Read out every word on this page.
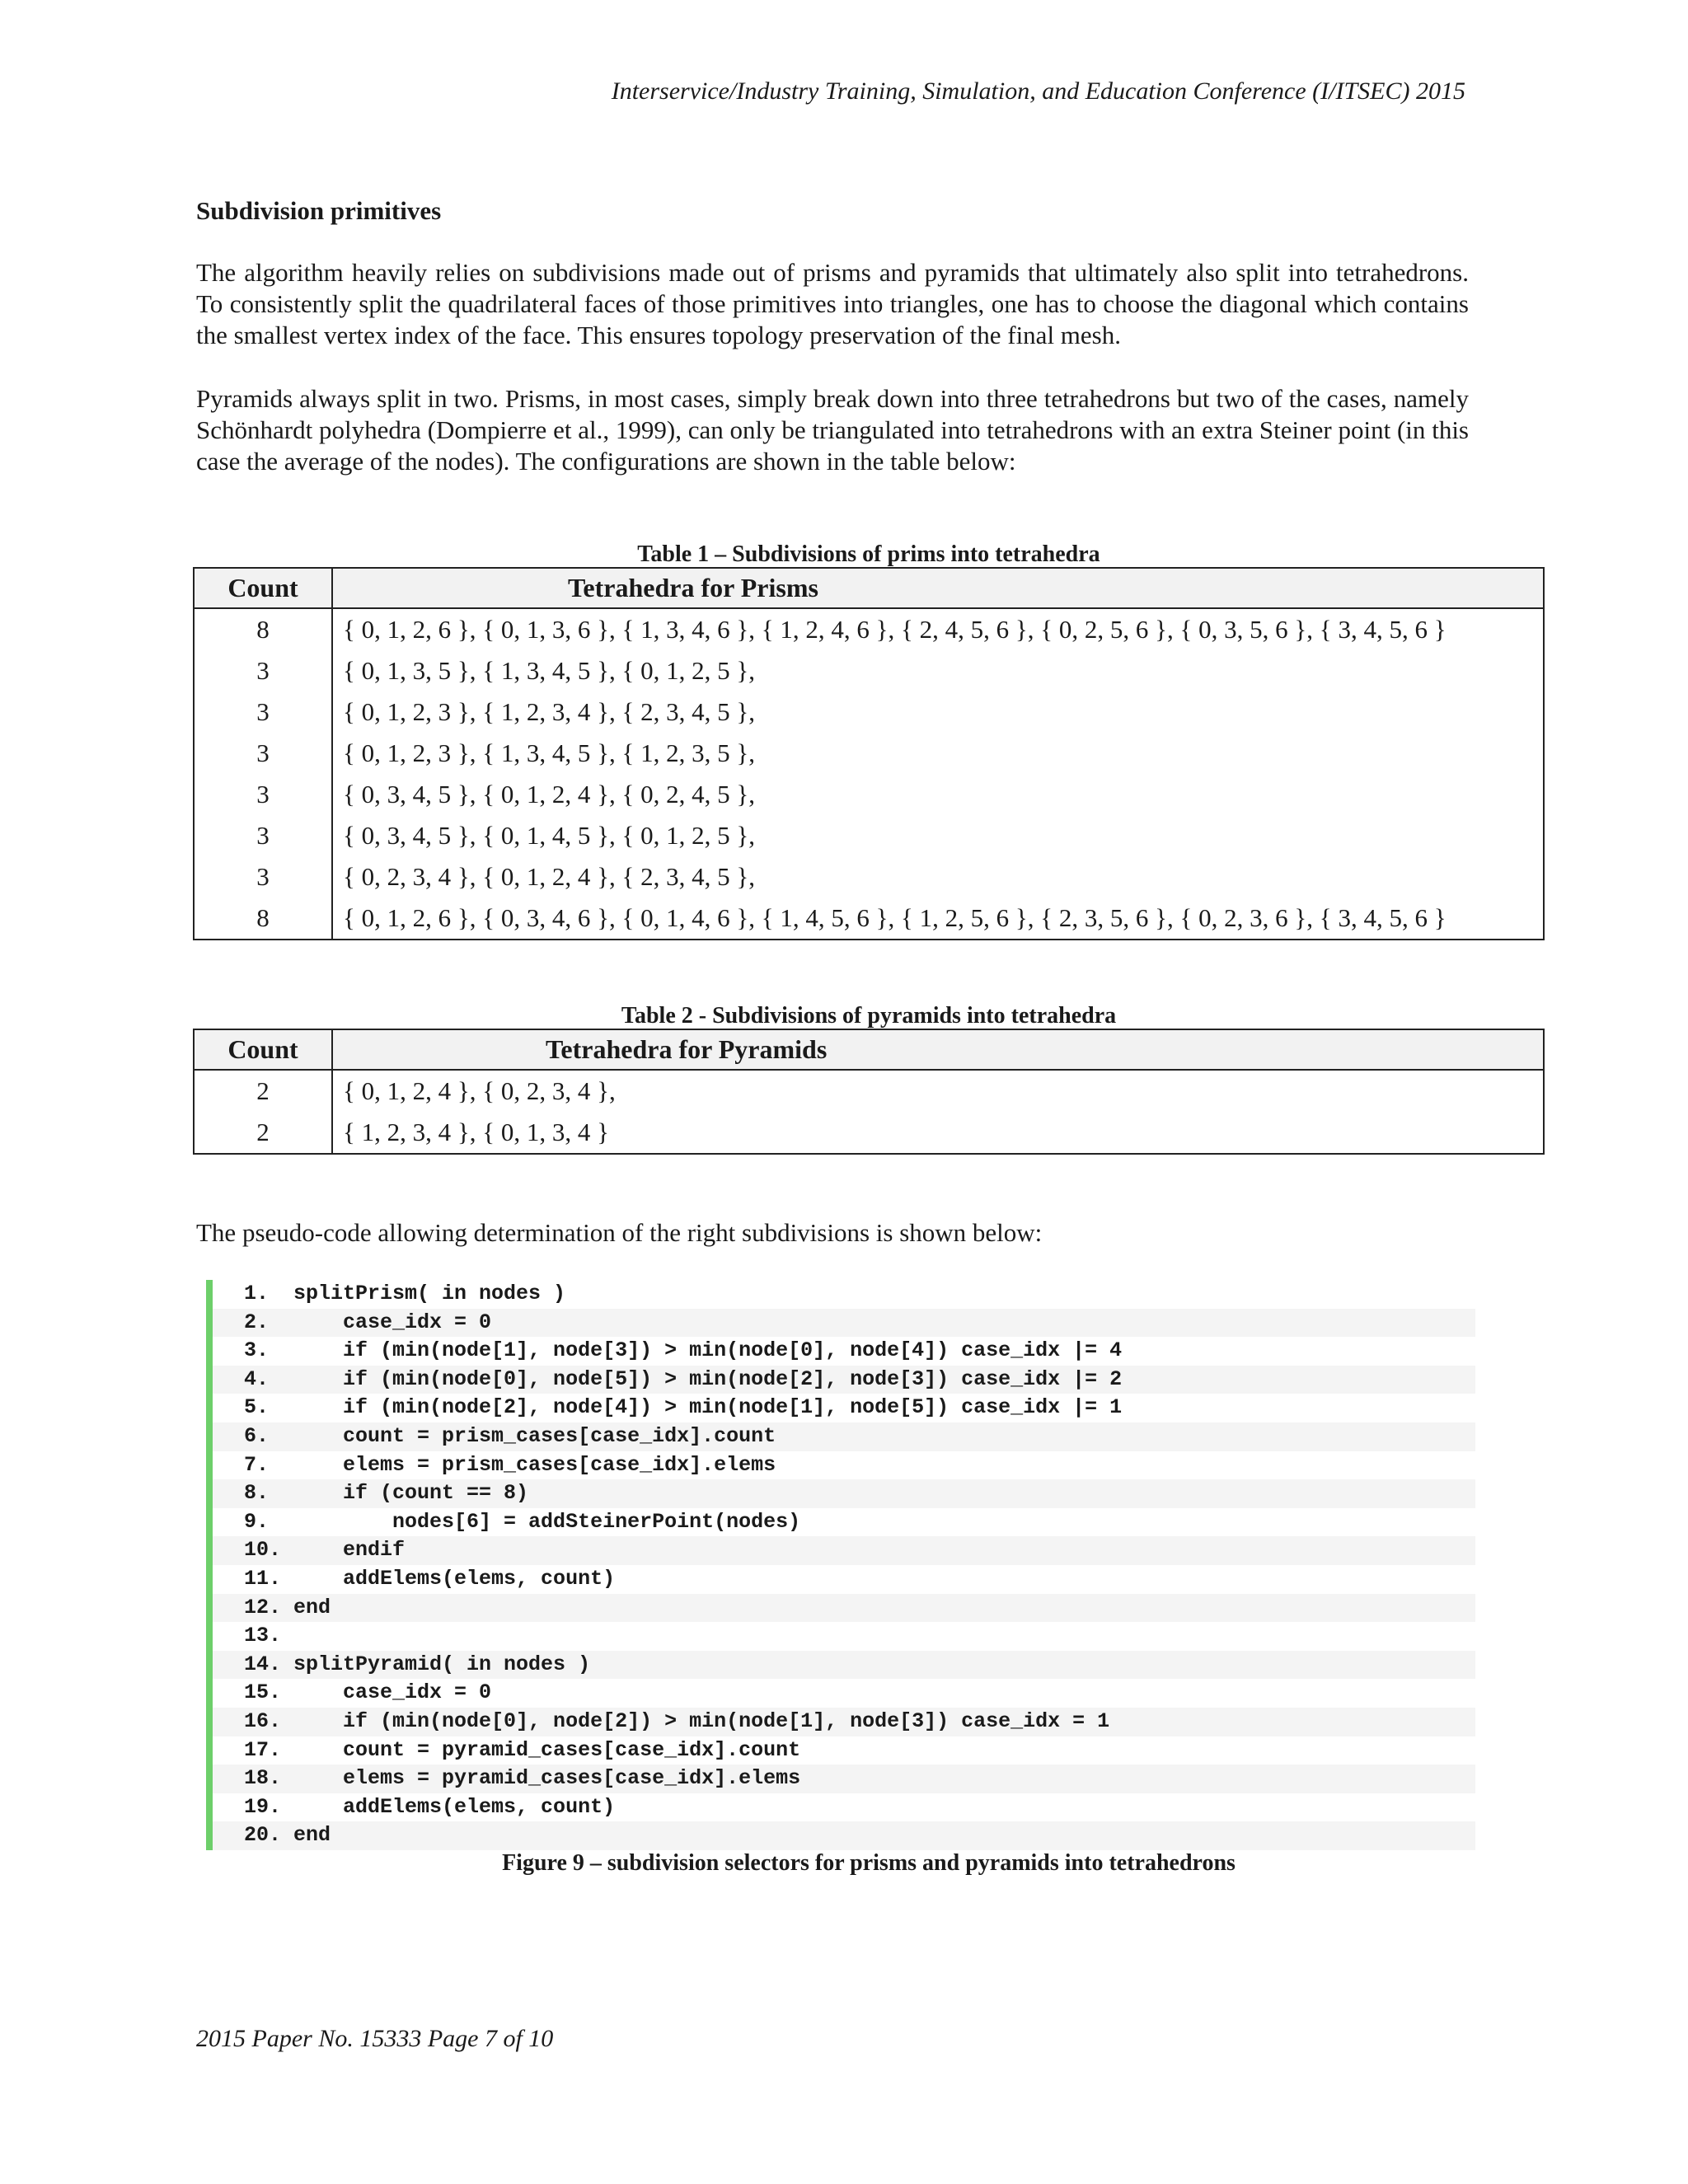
Interservice/Industry Training, Simulation, and Education Conference (I/ITSEC) 2015
Subdivision primitives

The algorithm heavily relies on subdivisions made out of prisms and pyramids that ultimately also split into tetrahedrons. To consistently split the quadrilateral faces of those primitives into triangles, one has to choose the diagonal which contains the smallest vertex index of the face. This ensures topology preservation of the final mesh.

Pyramids always split in two. Prisms, in most cases, simply break down into three tetrahedrons but two of the cases, namely Schönhardt polyhedra (Dompierre et al., 1999), can only be triangulated into tetrahedrons with an extra Steiner point (in this case the average of the nodes). The configurations are shown in the table below:

Table 1 – Subdivisions of prims into tetrahedra
Count	Tetrahedra for Prisms
8	{ 0, 1, 2, 6 }, { 0, 1, 3, 6 }, { 1, 3, 4, 6 }, { 1, 2, 4, 6 }, { 2, 4, 5, 6 }, { 0, 2, 5, 6 }, { 0, 3, 5, 6 }, { 3, 4, 5, 6 }
3	{ 0, 1, 3, 5 }, { 1, 3, 4, 5 }, { 0, 1, 2, 5 },
3	{ 0, 1, 2, 3 }, { 1, 2, 3, 4 }, { 2, 3, 4, 5 },
3	{ 0, 1, 2, 3 }, { 1, 3, 4, 5 }, { 1, 2, 3, 5 },
3	{ 0, 3, 4, 5 }, { 0, 1, 2, 4 }, { 0, 2, 4, 5 },
3	{ 0, 3, 4, 5 }, { 0, 1, 4, 5 }, { 0, 1, 2, 5 },
3	{ 0, 2, 3, 4 }, { 0, 1, 2, 4 }, { 2, 3, 4, 5 },
8	{ 0, 1, 2, 6 }, { 0, 3, 4, 6 }, { 0, 1, 4, 6 }, { 1, 4, 5, 6 }, { 1, 2, 5, 6 }, { 2, 3, 5, 6 }, { 0, 2, 3, 6 }, { 3, 4, 5, 6 }
Table 2 - Subdivisions of pyramids into tetrahedra
Count	Tetrahedra for Pyramids
2	{ 0, 1, 2, 4 }, { 0, 2, 3, 4 },
2	{ 1, 2, 3, 4 }, { 0, 1, 3, 4 }
The pseudo-code allowing determination of the right subdivisions is shown below:
1.  splitPrism( in nodes )
2.      case_idx = 0
3.      if (min(node[1], node[3]) > min(node[0], node[4]) case_idx |= 4
4.      if (min(node[0], node[5]) > min(node[2], node[3]) case_idx |= 2
5.      if (min(node[2], node[4]) > min(node[1], node[5]) case_idx |= 1
6.      count = prism_cases[case_idx].count
7.      elems = prism_cases[case_idx].elems
8.      if (count == 8)
9.          nodes[6] = addSteinerPoint(nodes)
10.     endif
11.     addElems(elems, count)
12. end
13.
14. splitPyramid( in nodes )
15.     case_idx = 0
16.     if (min(node[0], node[2]) > min(node[1], node[3]) case_idx = 1
17.     count = pyramid_cases[case_idx].count
18.     elems = pyramid_cases[case_idx].elems
19.     addElems(elems, count)
20. end
Figure 9 – subdivision selectors for prisms and pyramids into tetrahedrons
2015 Paper No. 15333 Page 7 of 10
